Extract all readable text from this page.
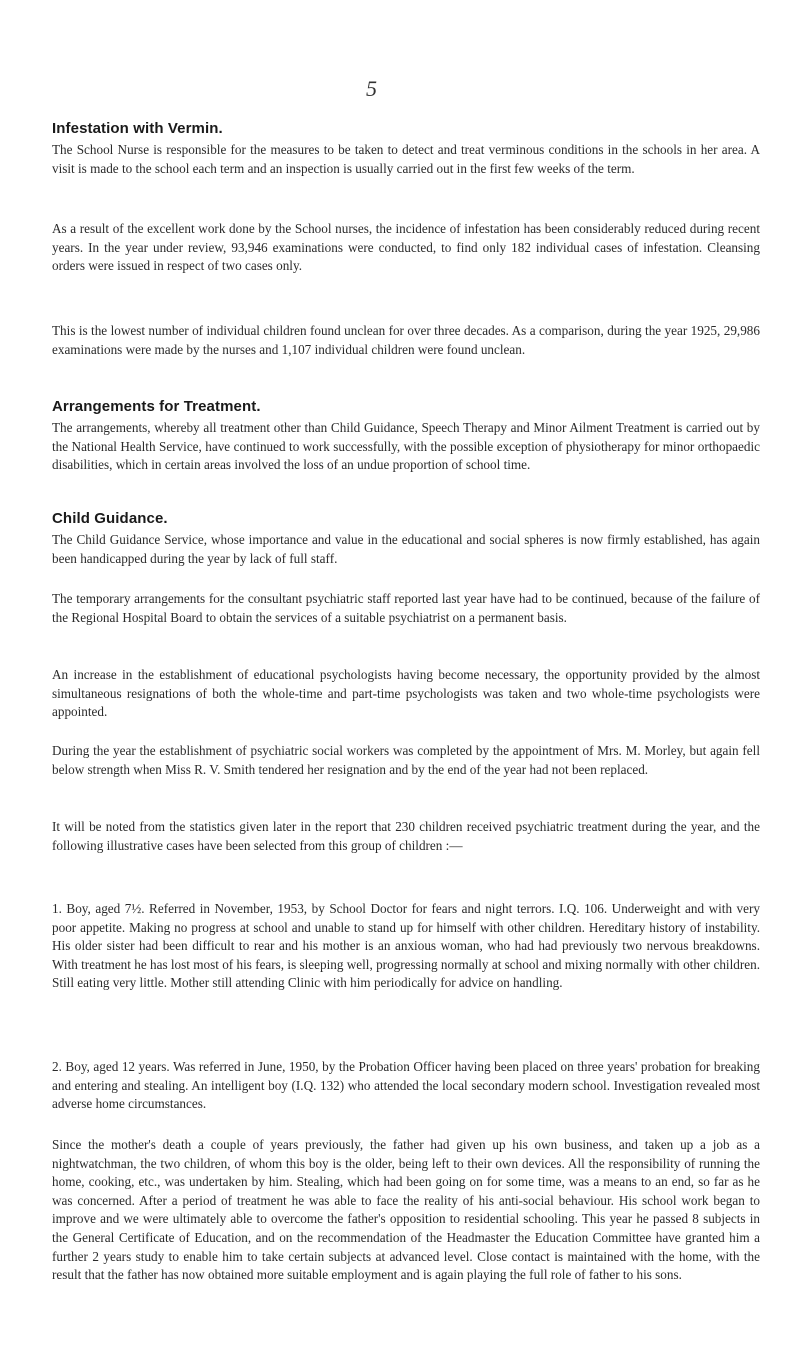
5
Infestation with Vermin.

The School Nurse is responsible for the measures to be taken to detect and treat verminous conditions in the schools in her area. A visit is made to the school each term and an inspection is usually carried out in the first few weeks of the term.

As a result of the excellent work done by the School nurses, the incidence of infestation has been considerably reduced during recent years. In the year under review, 93,946 examinations were conducted, to find only 182 individual cases of infestation. Cleansing orders were issued in respect of two cases only.

This is the lowest number of individual children found unclean for over three decades. As a comparison, during the year 1925, 29,986 examinations were made by the nurses and 1,107 individual children were found unclean.

Arrangements for Treatment.

The arrangements, whereby all treatment other than Child Guidance, Speech Therapy and Minor Ailment Treatment is carried out by the National Health Service, have continued to work successfully, with the possible exception of physiotherapy for minor orthopaedic disabilities, which in certain areas involved the loss of an undue proportion of school time.

Child Guidance.

The Child Guidance Service, whose importance and value in the educational and social spheres is now firmly established, has again been handicapped during the year by lack of full staff.

The temporary arrangements for the consultant psychiatric staff reported last year have had to be continued, because of the failure of the Regional Hospital Board to obtain the services of a suitable psychiatrist on a permanent basis.

An increase in the establishment of educational psychologists having become necessary, the opportunity provided by the almost simultaneous resignations of both the whole-time and part-time psychologists was taken and two whole-time psychologists were appointed.

During the year the establishment of psychiatric social workers was completed by the appointment of Mrs. M. Morley, but again fell below strength when Miss R. V. Smith tendered her resignation and by the end of the year had not been replaced.

It will be noted from the statistics given later in the report that 230 children received psychiatric treatment during the year, and the following illustrative cases have been selected from this group of children :—

1. Boy, aged 7½. Referred in November, 1953, by School Doctor for fears and night terrors. I.Q. 106. Underweight and with very poor appetite. Making no progress at school and unable to stand up for himself with other children. Hereditary history of instability. His older sister had been difficult to rear and his mother is an anxious woman, who had had previously two nervous breakdowns. With treatment he has lost most of his fears, is sleeping well, progressing normally at school and mixing normally with other children. Still eating very little. Mother still attending Clinic with him periodically for advice on handling.

2. Boy, aged 12 years. Was referred in June, 1950, by the Probation Officer having been placed on three years' probation for breaking and entering and stealing. An intelligent boy (I.Q. 132) who attended the local secondary modern school. Investigation revealed most adverse home circumstances.

Since the mother's death a couple of years previously, the father had given up his own business, and taken up a job as a nightwatchman, the two children, of whom this boy is the older, being left to their own devices. All the responsibility of running the home, cooking, etc., was undertaken by him. Stealing, which had been going on for some time, was a means to an end, so far as he was concerned. After a period of treatment he was able to face the reality of his anti-social behaviour. His school work began to improve and we were ultimately able to overcome the father's opposition to residential schooling. This year he passed 8 subjects in the General Certificate of Education, and on the recommendation of the Headmaster the Education Committee have granted him a further 2 years study to enable him to take certain subjects at advanced level. Close contact is maintained with the home, with the result that the father has now obtained more suitable employment and is again playing the full role of father to his sons.
